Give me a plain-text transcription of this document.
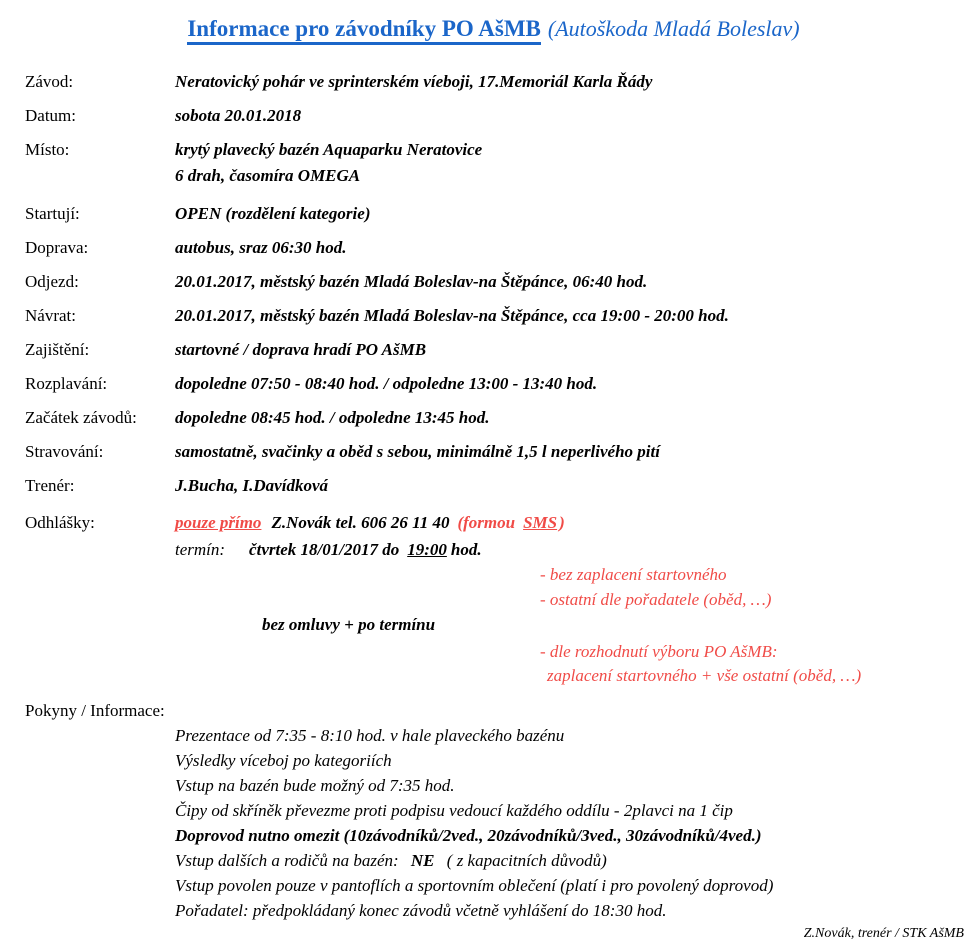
Informace pro závodníky PO AšMB (Autoškoda Mladá Boleslav)
Závod:	Neratovický pohár ve sprinterském víeboji, 17.Memoriál Karla Řády
Datum:	sobota 20.01.2018
Místo:	krytý plavecký bazén Aquaparku Neratovice
6 drah, časomíra OMEGA
Startují:	OPEN (rozdělení kategorie)
Doprava:	autobus, sraz 06:30 hod.
Odjezd:	20.01.2017, městský bazén Mladá Boleslav-na Štěpánce, 06:40 hod.
Návrat:	20.01.2017, městský bazén Mladá Boleslav-na Štěpánce, cca 19:00 - 20:00 hod.
Zajištění:	startovné / doprava hradí PO AšMB
Rozplavání:	dopoledne 07:50 - 08:40 hod. / odpoledne 13:00 - 13:40 hod.
Začátek závodů:	dopoledne 08:45 hod. / odpoledne 13:45 hod.
Stravování:	samostatně, svačinky a oběd s sebou, minimálně 1,5 l neperlivého pití
Trenér:	J.Bucha, I.Davídková
Odhlášky:	pouze přímo Z.Novák tel. 606 26 11 40 (formou SMS )
termín: čtvrtek 18/01/2017 do 19:00 hod.
- bez zaplacení startovného
- ostatní dle pořadatele (oběd, …)
bez omluvy + po termínu
- dle rozhodnutí výboru PO AšMB:
zaplacení startovného + vše ostatní (oběd, …)
Pokyny / Informace:
Prezentace od 7:35 - 8:10 hod. v hale plaveckého bazénu
Výsledky víceboj po kategoriích
Vstup na bazén bude možný od 7:35 hod.
Čipy od skříněk převezme proti podpisu vedoucí každého oddílu - 2plavci na 1 čip
Doprovod nutno omezit (10závodníků/2ved., 20závodníků/3ved., 30závodníků/4ved.)
Vstup dalších a rodičů na bazén: NE ( z kapacitních důvodů)
Vstup povolen pouze v pantoflích a sportovním oblečení (platí i pro povolený doprovod)
Pořadatel: předpokládaný konec závodů včetně vyhlášení do 18:30 hod.
Z.Novák, trenér / STK AšMB
